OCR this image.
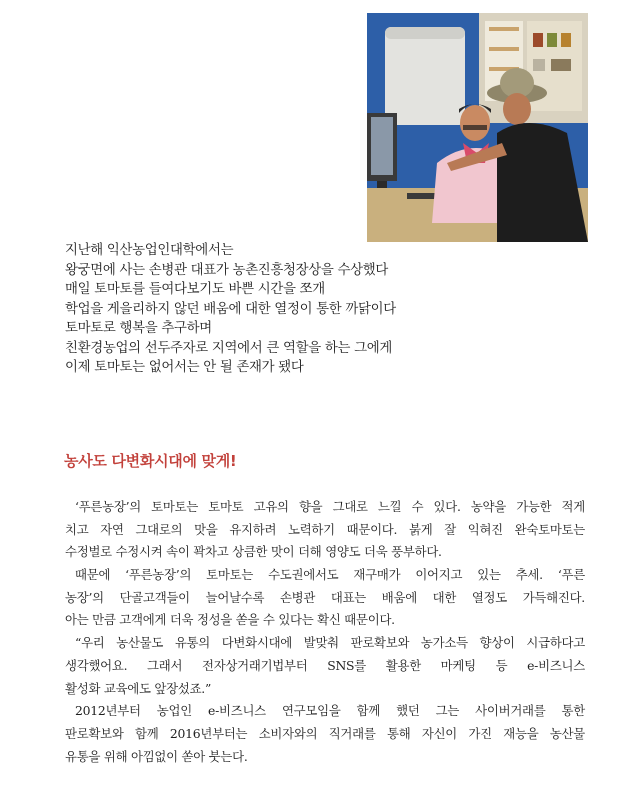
지난해 익산농업인대학에서는
왕궁면에 사는 손병관 대표가 농촌진흥청장상을 수상했다
매일 토마토를 들여다보기도 바쁜 시간을 쪼개
학업을 게을리하지 않던 배움에 대한 열정이 통한 까닭이다
토마토로 행복을 추구하며
친환경농업의 선두주자로 지역에서 큰 역할을 하는 그에게
이제 토마토는 없어서는 안 될 존재가 됐다
농사도 다변화시대에 맞게!
‘푸른농장’의 토마토는 토마토 고유의 향을 그대로 느낄 수 있다. 농약을 가능한 적게
치고 자연 그대로의 맛을 유지하려 노력하기 때문이다. 붉게 잘 익혀진 완숙토마토는
수정벌로 수정시켜 속이 꽉차고 상큼한 맛이 더해 영양도 더욱 풍부하다.
때문에 ‘푸른농장’의 토마토는 수도권에서도 재구매가 이어지고 있는 추세. ‘푸른
농장’의 단골고객들이 늘어날수록 손병관 대표는 배움에 대한 열정도 가득해진다.
아는 만큼 고객에게 더욱 정성을 쏟을 수 있다는 확신 때문이다.
“우리 농산물도 유통의 다변화시대에 발맞춰 판로확보와 농가소득 향상이 시급하다고
생각했어요. 그래서 전자상거래기법부터 SNS를 활용한 마케팅 등 e-비즈니스
활성화 교육에도 앞장섰죠.”
2012년부터 농업인 e-비즈니스 연구모임을 함께 했던 그는 사이버거래를 통한
판로확보와 함께 2016년부터는 소비자와의 직거래를 통해 자신이 가진 재능을 농산물
유통을 위해 아낌없이 쏟아 붓는다.
